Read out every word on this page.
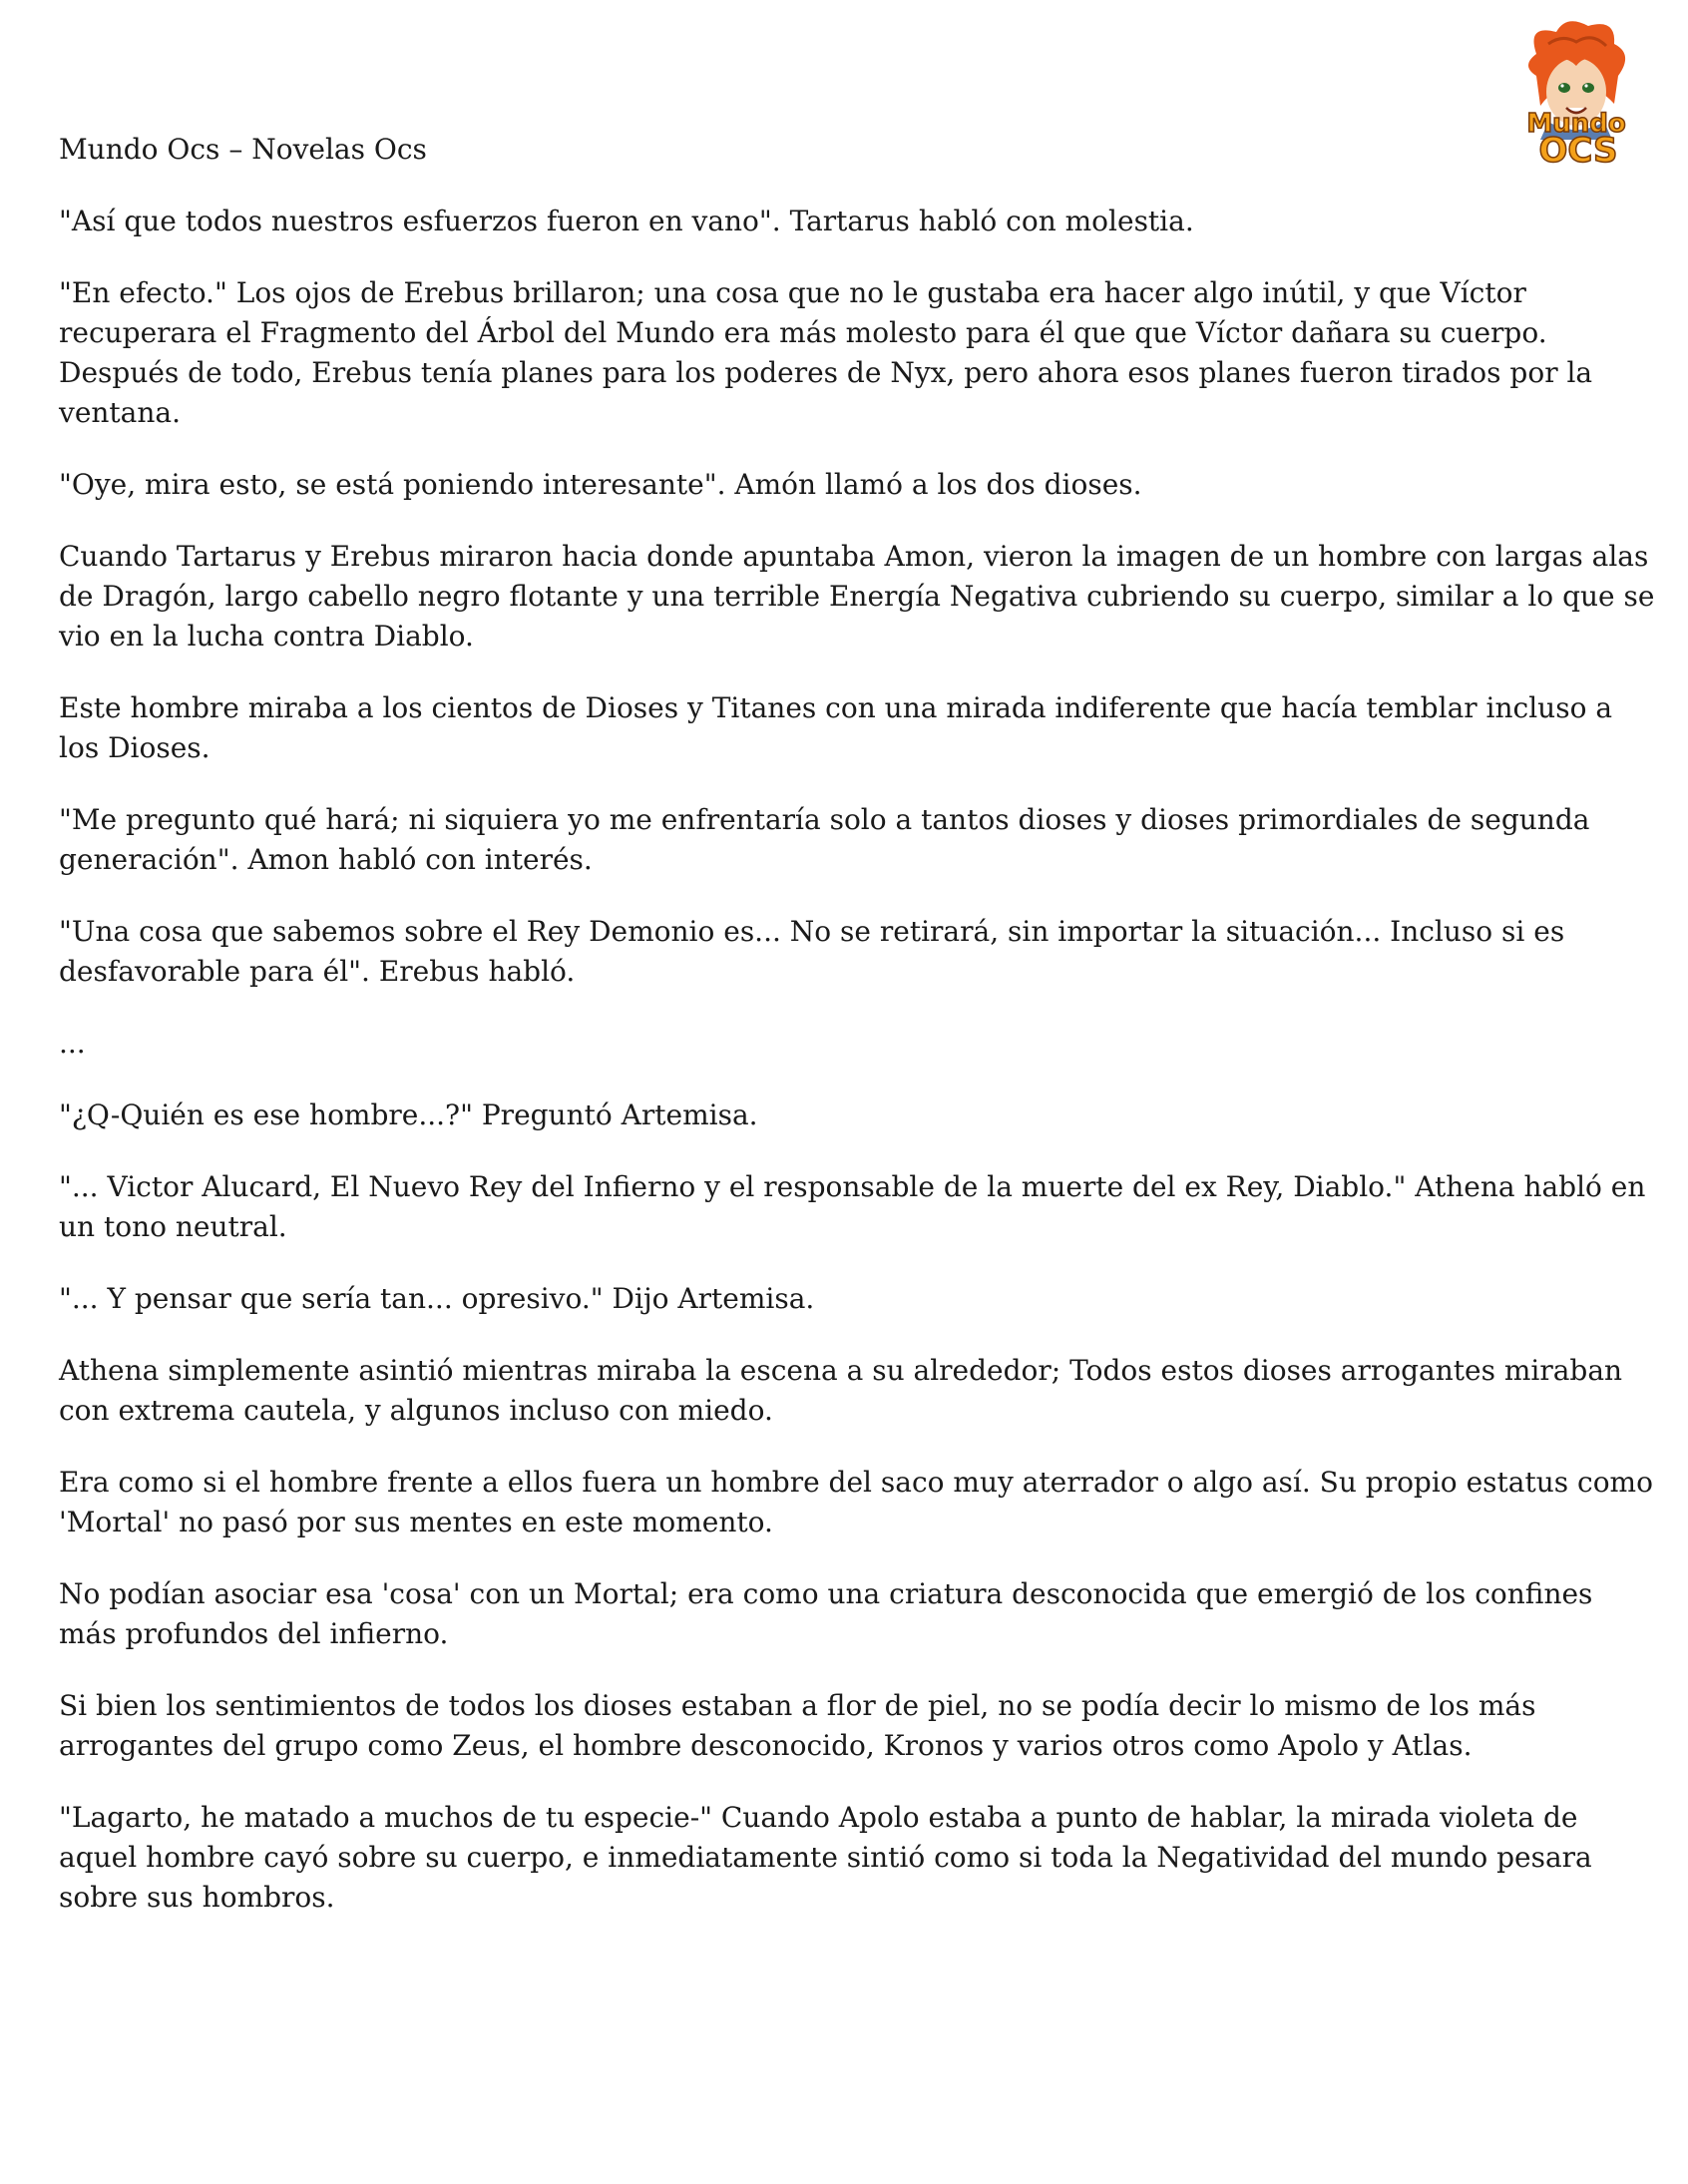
Mundo
OCS

Mundo Ocs – Novelas Ocs

"Así que todos nuestros esfuerzos fueron en vano". Tartarus habló con molestia.

"En efecto." Los ojos de Erebus brillaron; una cosa que no le gustaba era hacer algo inútil, y que Víctor recuperara el Fragmento del Árbol del Mundo era más molesto para él que que Víctor dañara su cuerpo. Después de todo, Erebus tenía planes para los poderes de Nyx, pero ahora esos planes fueron tirados por la ventana.

"Oye, mira esto, se está poniendo interesante". Amón llamó a los dos dioses.

Cuando Tartarus y Erebus miraron hacia donde apuntaba Amon, vieron la imagen de un hombre con largas alas de Dragón, largo cabello negro flotante y una terrible Energía Negativa cubriendo su cuerpo, similar a lo que se vio en la lucha contra Diablo.

Este hombre miraba a los cientos de Dioses y Titanes con una mirada indiferente que hacía temblar incluso a los Dioses.

"Me pregunto qué hará; ni siquiera yo me enfrentaría solo a tantos dioses y dioses primordiales de segunda generación". Amon habló con interés.

"Una cosa que sabemos sobre el Rey Demonio es... No se retirará, sin importar la situación... Incluso si es desfavorable para él". Erebus habló.

...

"¿Q-Quién es ese hombre...?" Preguntó Artemisa.

"... Victor Alucard, El Nuevo Rey del Infierno y el responsable de la muerte del ex Rey, Diablo." Athena habló en un tono neutral.

"... Y pensar que sería tan... opresivo." Dijo Artemisa.

Athena simplemente asintió mientras miraba la escena a su alrededor; Todos estos dioses arrogantes miraban con extrema cautela, y algunos incluso con miedo.

Era como si el hombre frente a ellos fuera un hombre del saco muy aterrador o algo así. Su propio estatus como 'Mortal' no pasó por sus mentes en este momento.

No podían asociar esa 'cosa' con un Mortal; era como una criatura desconocida que emergió de los confines más profundos del infierno.

Si bien los sentimientos de todos los dioses estaban a flor de piel, no se podía decir lo mismo de los más arrogantes del grupo como Zeus, el hombre desconocido, Kronos y varios otros como Apolo y Atlas.

"Lagarto, he matado a muchos de tu especie-" Cuando Apolo estaba a punto de hablar, la mirada violeta de aquel hombre cayó sobre su cuerpo, e inmediatamente sintió como si toda la Negatividad del mundo pesara sobre sus hombros.
